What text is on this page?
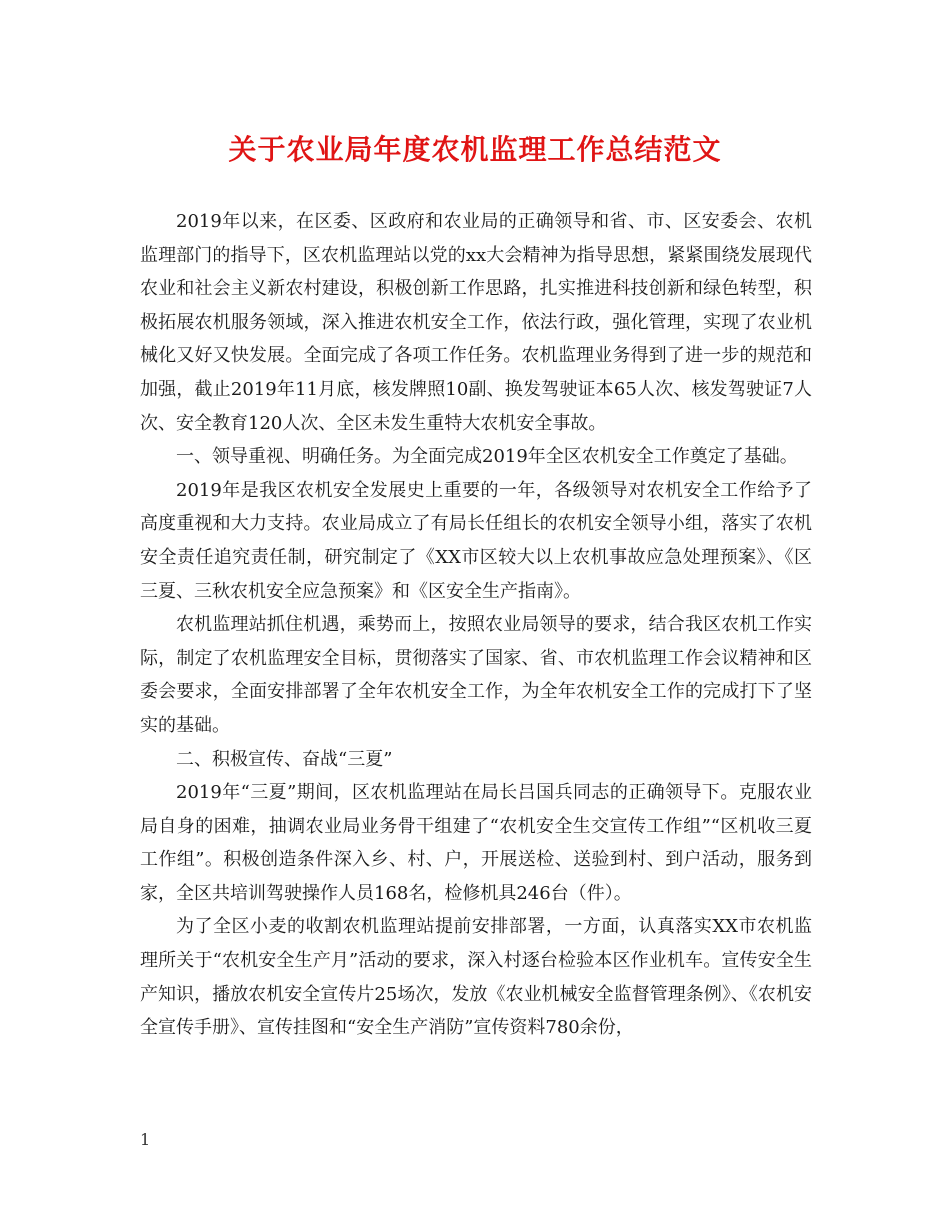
关于农业局年度农机监理工作总结范文

2019年以来，在区委、区政府和农业局的正确领导和省、市、区安委会、农机监理部门的指导下，区农机监理站以党的xx大会精神为指导思想，紧紧围绕发展现代农业和社会主义新农村建设，积极创新工作思路，扎实推进科技创新和绿色转型，积极拓展农机服务领域，深入推进农机安全工作，依法行政，强化管理，实现了农业机械化又好又快发展。全面完成了各项工作任务。农机监理业务得到了进一步的规范和加强，截止2019年11月底，核发牌照10副、换发驾驶证本65人次、核发驾驶证7人次、安全教育120人次、全区未发生重特大农机安全事故。

一、领导重视、明确任务。为全面完成2019年全区农机安全工作奠定了基础。

2019年是我区农机安全发展史上重要的一年，各级领导对农机安全工作给予了高度重视和大力支持。农业局成立了有局长任组长的农机安全领导小组，落实了农机安全责任追究责任制，研究制定了《XX市区较大以上农机事故应急处理预案》、《区三夏、三秋农机安全应急预案》和《区安全生产指南》。

农机监理站抓住机遇，乘势而上，按照农业局领导的要求，结合我区农机工作实际，制定了农机监理安全目标，贯彻落实了国家、省、市农机监理工作会议精神和区委会要求，全面安排部署了全年农机安全工作，为全年农机安全工作的完成打下了坚实的基础。

二、积极宣传、奋战“三夏”

2019年“三夏”期间，区农机监理站在局长吕国兵同志的正确领导下。克服农业局自身的困难，抽调农业局业务骨干组建了“农机安全生交宣传工作组”“区机收三夏工作组”。积极创造条件深入乡、村、户，开展送检、送验到村、到户活动，服务到家，全区共培训驾驶操作人员168名，检修机具246台（件）。

为了全区小麦的收割农机监理站提前安排部署，一方面，认真落实XX市农机监理所关于“农机安全生产月”活动的要求，深入村逐台检验本区作业机车。宣传安全生产知识，播放农机安全宣传片25场次，发放《农业机械安全监督管理条例》、《农机安全宣传手册》、宣传挂图和“安全生产消防”宣传资料780余份，

1
